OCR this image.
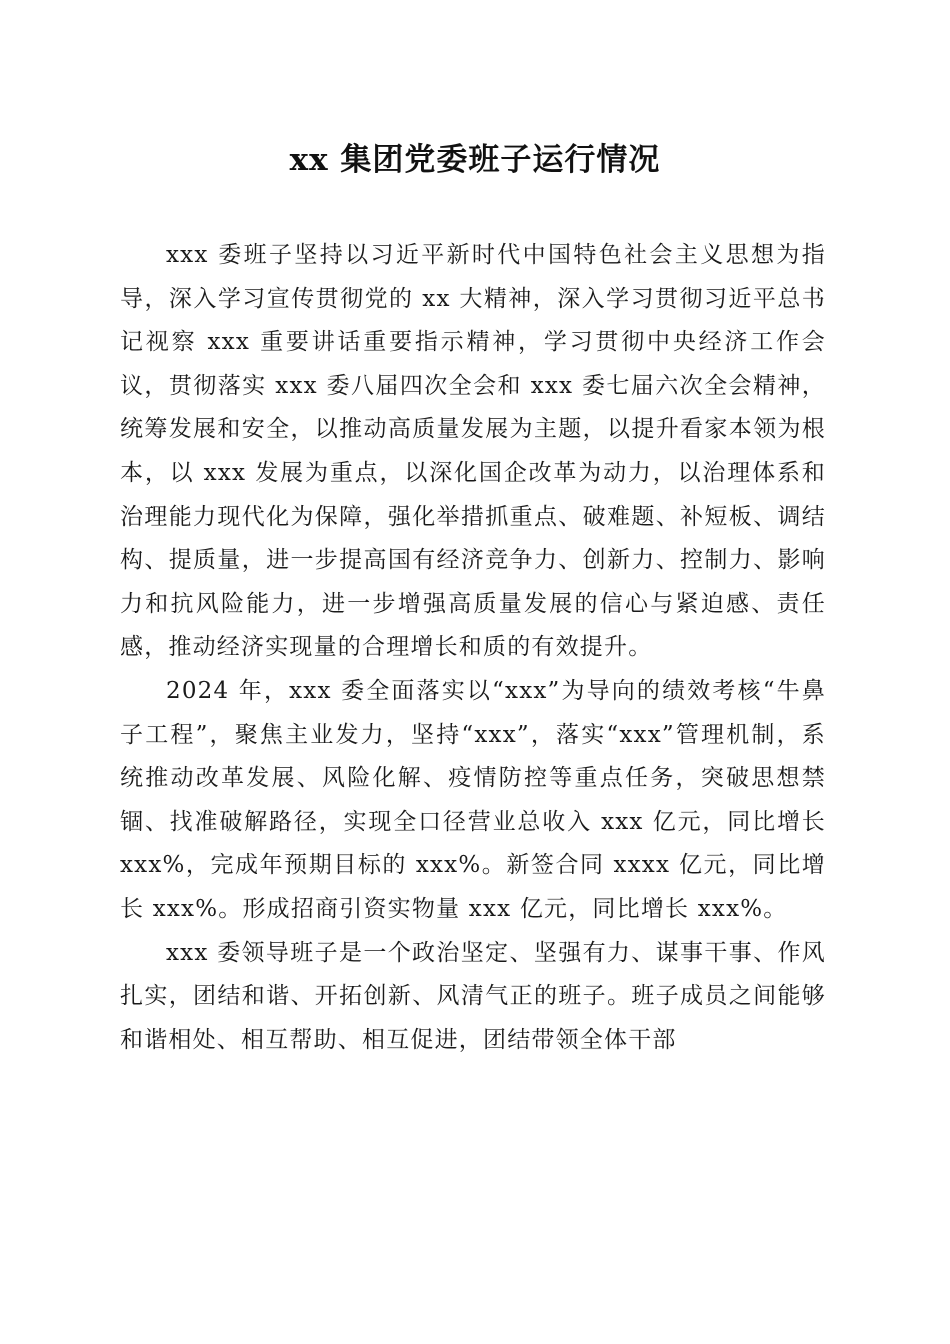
xx 集团党委班子运行情况

xxx 委班子坚持以习近平新时代中国特色社会主义思想为指导，深入学习宣传贯彻党的 xx 大精神，深入学习贯彻习近平总书记视察 xxx 重要讲话重要指示精神，学习贯彻中央经济工作会议，贯彻落实 xxx 委八届四次全会和 xxx 委七届六次全会精神，统筹发展和安全，以推动高质量发展为主题，以提升看家本领为根本，以 xxx 发展为重点，以深化国企改革为动力，以治理体系和治理能力现代化为保障，强化举措抓重点、破难题、补短板、调结构、提质量，进一步提高国有经济竞争力、创新力、控制力、影响力和抗风险能力，进一步增强高质量发展的信心与紧迫感、责任感，推动经济实现量的合理增长和质的有效提升。

2024 年，xxx 委全面落实以“xxx”为导向的绩效考核“牛鼻子工程”，聚焦主业发力，坚持“xxx”，落实“xxx”管理机制，系统推动改革发展、风险化解、疫情防控等重点任务，突破思想禁锢、找准破解路径，实现全口径营业总收入 xxx 亿元，同比增长 xxx%，完成年预期目标的 xxx%。新签合同 xxxx 亿元，同比增长 xxx%。形成招商引资实物量 xxx 亿元，同比增长 xxx%。

xxx 委领导班子是一个政治坚定、坚强有力、谋事干事、作风扎实，团结和谐、开拓创新、风清气正的班子。班子成员之间能够和谐相处、相互帮助、相互促进，团结带领全体干部
